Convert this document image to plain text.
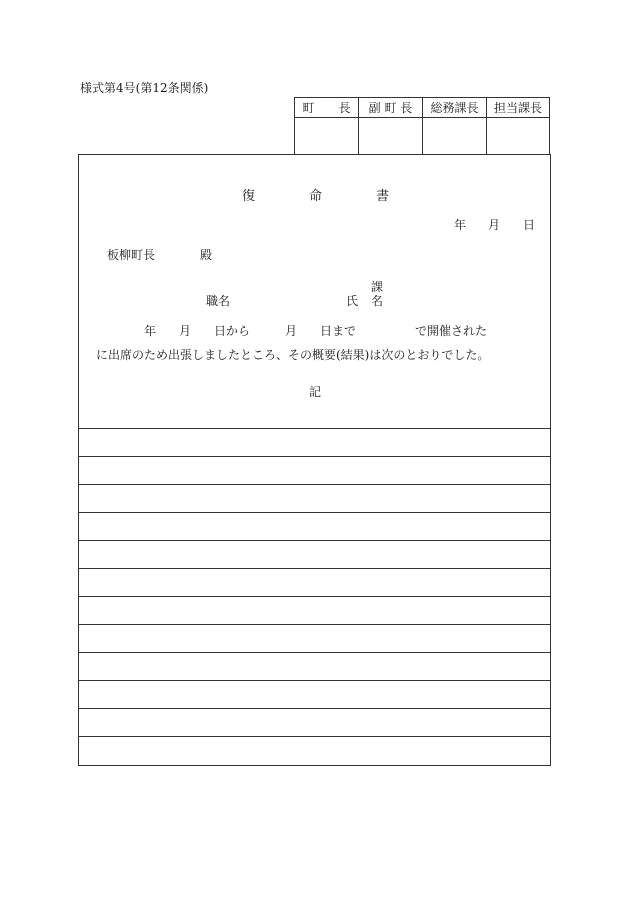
様式第4号(第12条関係)
町　　長	副 町 長	総務課長	担当課長

復	命	書
年 月 日
板柳町長	殿
課
職名	氏 名
年 月 日から	月 日まで	で開催された
に出席のため出張しましたところ、その概要(結果)は次のとおりでした。
記
